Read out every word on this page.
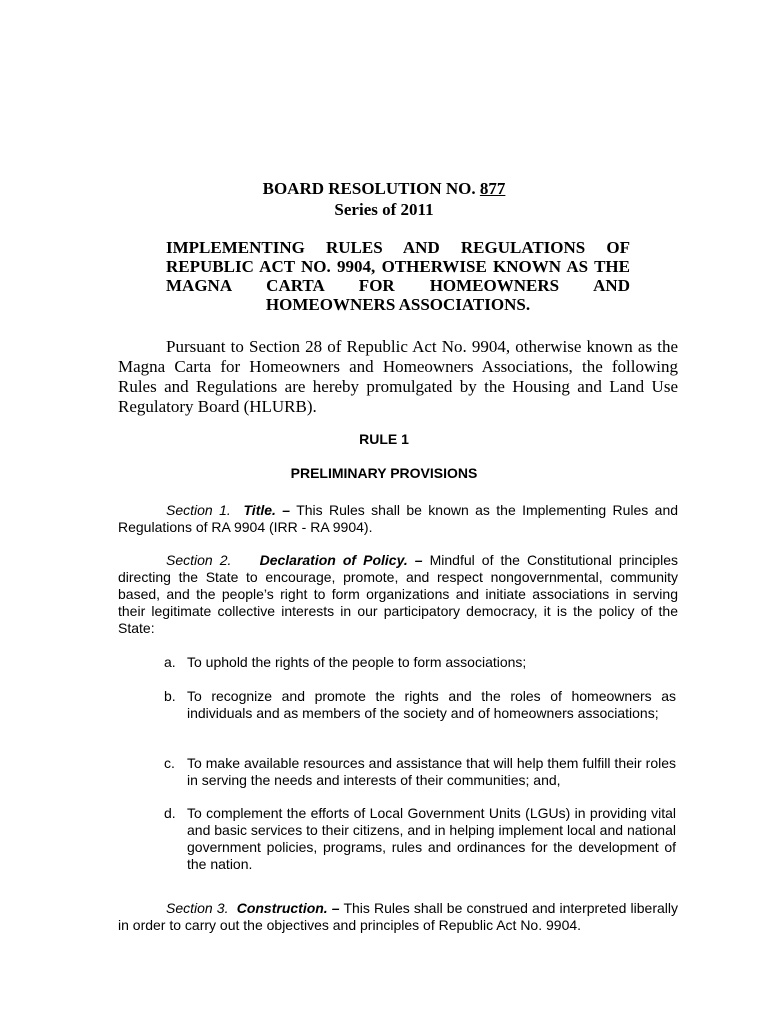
BOARD RESOLUTION NO. 877
Series of 2011
IMPLEMENTING RULES AND REGULATIONS OF REPUBLIC ACT NO. 9904, OTHERWISE KNOWN AS THE MAGNA CARTA FOR HOMEOWNERS AND HOMEOWNERS ASSOCIATIONS.
Pursuant to Section 28 of Republic Act No. 9904, otherwise known as the Magna Carta for Homeowners and Homeowners Associations, the following Rules and Regulations are hereby promulgated by the Housing and Land Use Regulatory Board (HLURB).
RULE 1
PRELIMINARY PROVISIONS
Section 1. Title. – This Rules shall be known as the Implementing Rules and Regulations of RA 9904 (IRR - RA 9904).
Section 2. Declaration of Policy. – Mindful of the Constitutional principles directing the State to encourage, promote, and respect nongovernmental, community based, and the people’s right to form organizations and initiate associations in serving their legitimate collective interests in our participatory democracy, it is the policy of the State:
a. To uphold the rights of the people to form associations;
b. To recognize and promote the rights and the roles of homeowners as individuals and as members of the society and of homeowners associations;
c. To make available resources and assistance that will help them fulfill their roles in serving the needs and interests of their communities; and,
d. To complement the efforts of Local Government Units (LGUs) in providing vital and basic services to their citizens, and in helping implement local and national government policies, programs, rules and ordinances for the development of the nation.
Section 3. Construction. – This Rules shall be construed and interpreted liberally in order to carry out the objectives and principles of Republic Act No. 9904.
